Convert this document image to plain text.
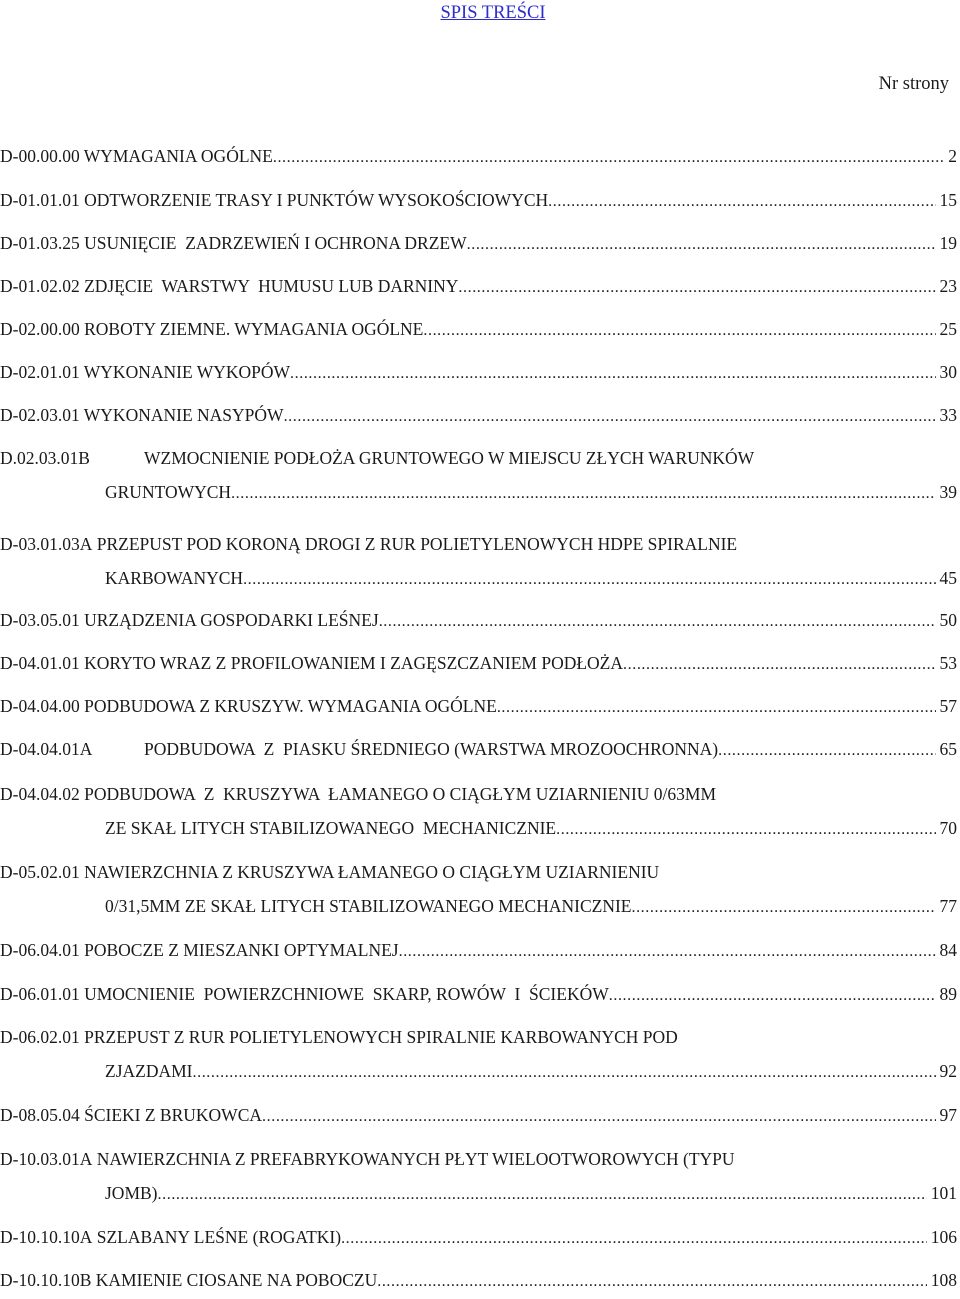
SPIS TREŚCI
Nr strony
D-00.00.00 WYMAGANIA OGÓLNE .....	2
D-01.01.01 ODTWORZENIE TRASY I PUNKTÓW WYSOKOŚCIOWYCH .....	15
D-01.03.25 USUNIĘCIE  ZADRZEWIEŃ I OCHRONA DRZEW .....	19
D-01.02.02 ZDJĘCIE  WARSTWY  HUMUSU LUB DARNINY .....	23
D-02.00.00 ROBOTY ZIEMNE. WYMAGANIA OGÓLNE .....	25
D-02.01.01 WYKONANIE WYKOPÓW .....	30
D-02.03.01 WYKONANIE NASYPÓW .....	33
D.02.03.01B	WZMOCNIENIE PODŁOŻA GRUNTOWEGO W MIEJSCU ZŁYCH WARUNKÓW
GRUNTOWYCH .....	39
D-03.01.03A PRZEPUST POD KORONĄ DROGI Z RUR POLIETYLENOWYCH HDPE SPIRALNIE
KARBOWANYCH .....	45
D-03.05.01 URZĄDZENIA GOSPODARKI LEŚNEJ .....	50
D-04.01.01 KORYTO WRAZ Z PROFILOWANIEM I ZAGĘSZCZANIEM PODŁOŻA .....	53
D-04.04.00 PODBUDOWA Z KRUSZYW. WYMAGANIA OGÓLNE .....	57
D-04.04.01A	PODBUDOWA  Z  PIASKU ŚREDNIEGO (WARSTWA MROZOOCHRONNA) .....	65
D-04.04.02 PODBUDOWA  Z  KRUSZYWA  ŁAMANEGO O CIĄGŁYM UZIARNIENIU 0/63MM
ZE SKAŁ LITYCH STABILIZOWANEGO  MECHANICZNIE .....	70
D-05.02.01 NAWIERZCHNIA Z KRUSZYWA ŁAMANEGO O CIĄGŁYM UZIARNIENIU
0/31,5MM ZE SKAŁ LITYCH STABILIZOWANEGO MECHANICZNIE .....	77
D-06.04.01 POBOCZE Z MIESZANKI OPTYMALNEJ .....	84
D-06.01.01 UMOCNIENIE  POWIERZCHNIOWE  SKARP, ROWÓW  I  ŚCIEKÓW .....	89
D-06.02.01 PRZEPUST Z RUR POLIETYLENOWYCH SPIRALNIE KARBOWANYCH POD
ZJAZDAMI .....	92
D-08.05.04 ŚCIEKI Z BRUKOWCA .....	97
D-10.03.01A NAWIERZCHNIA Z PREFABRYKOWANYCH PŁYT WIELOOTWOROWYCH (TYPU
JOMB) .....	101
D-10.10.10A SZLABANY LEŚNE (ROGATKI) .....	106
D-10.10.10B KAMIENIE CIOSANE NA POBOCZU .....	108
